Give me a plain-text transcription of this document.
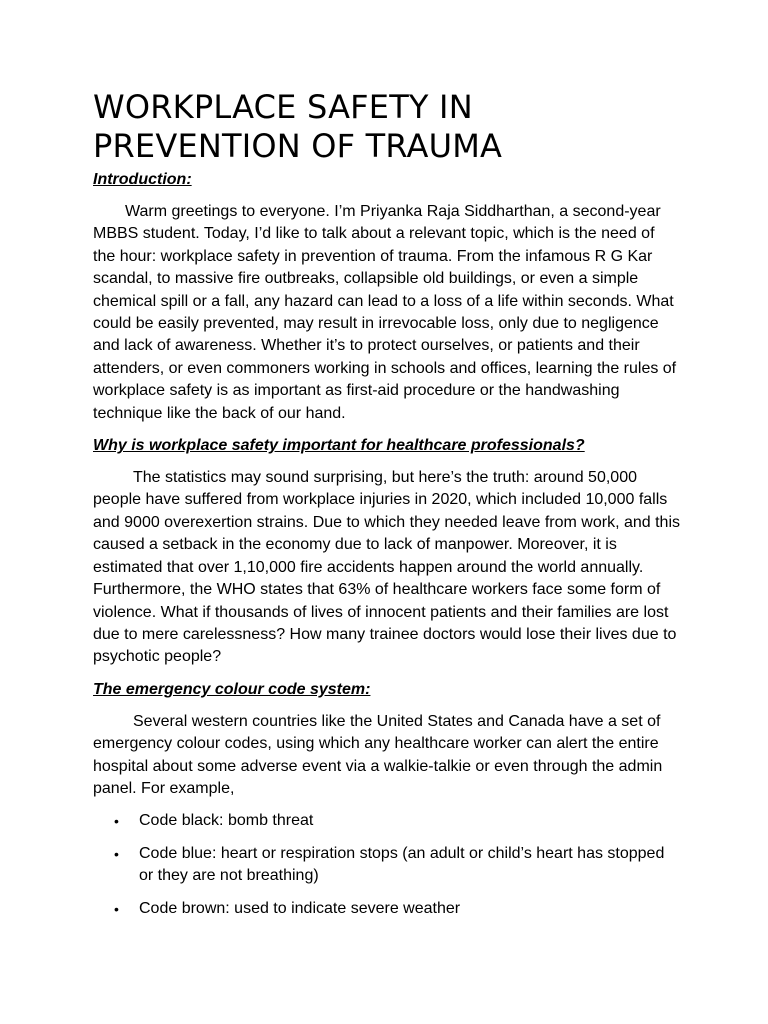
WORKPLACE SAFETY IN
PREVENTION OF TRAUMA
Introduction:

Warm greetings to everyone. I’m Priyanka Raja Siddharthan, a second-year MBBS student. Today, I’d like to talk about a relevant topic, which is the need of the hour: workplace safety in prevention of trauma. From the infamous R G Kar scandal, to massive fire outbreaks, collapsible old buildings, or even a simple chemical spill or a fall, any hazard can lead to a loss of a life within seconds. What could be easily prevented, may result in irrevocable loss, only due to negligence and lack of awareness. Whether it’s to protect ourselves, or patients and their attenders, or even commoners working in schools and offices, learning the rules of workplace safety is as important as first-aid procedure or the handwashing technique like the back of our hand.

Why is workplace safety important for healthcare professionals?

The statistics may sound surprising, but here’s the truth: around 50,000 people have suffered from workplace injuries in 2020, which included 10,000 falls and 9000 overexertion strains. Due to which they needed leave from work, and this caused a setback in the economy due to lack of manpower. Moreover, it is estimated that over 1,10,000 fire accidents happen around the world annually. Furthermore, the WHO states that 63% of healthcare workers face some form of violence. What if thousands of lives of innocent patients and their families are lost due to mere carelessness? How many trainee doctors would lose their lives due to psychotic people?

The emergency colour code system:

Several western countries like the United States and Canada have a set of emergency colour codes, using which any healthcare worker can alert the entire hospital about some adverse event via a walkie-talkie or even through the admin panel. For example,

• Code black: bomb threat
• Code blue: heart or respiration stops (an adult or child’s heart has stopped or they are not breathing)
• Code brown: used to indicate severe weather
